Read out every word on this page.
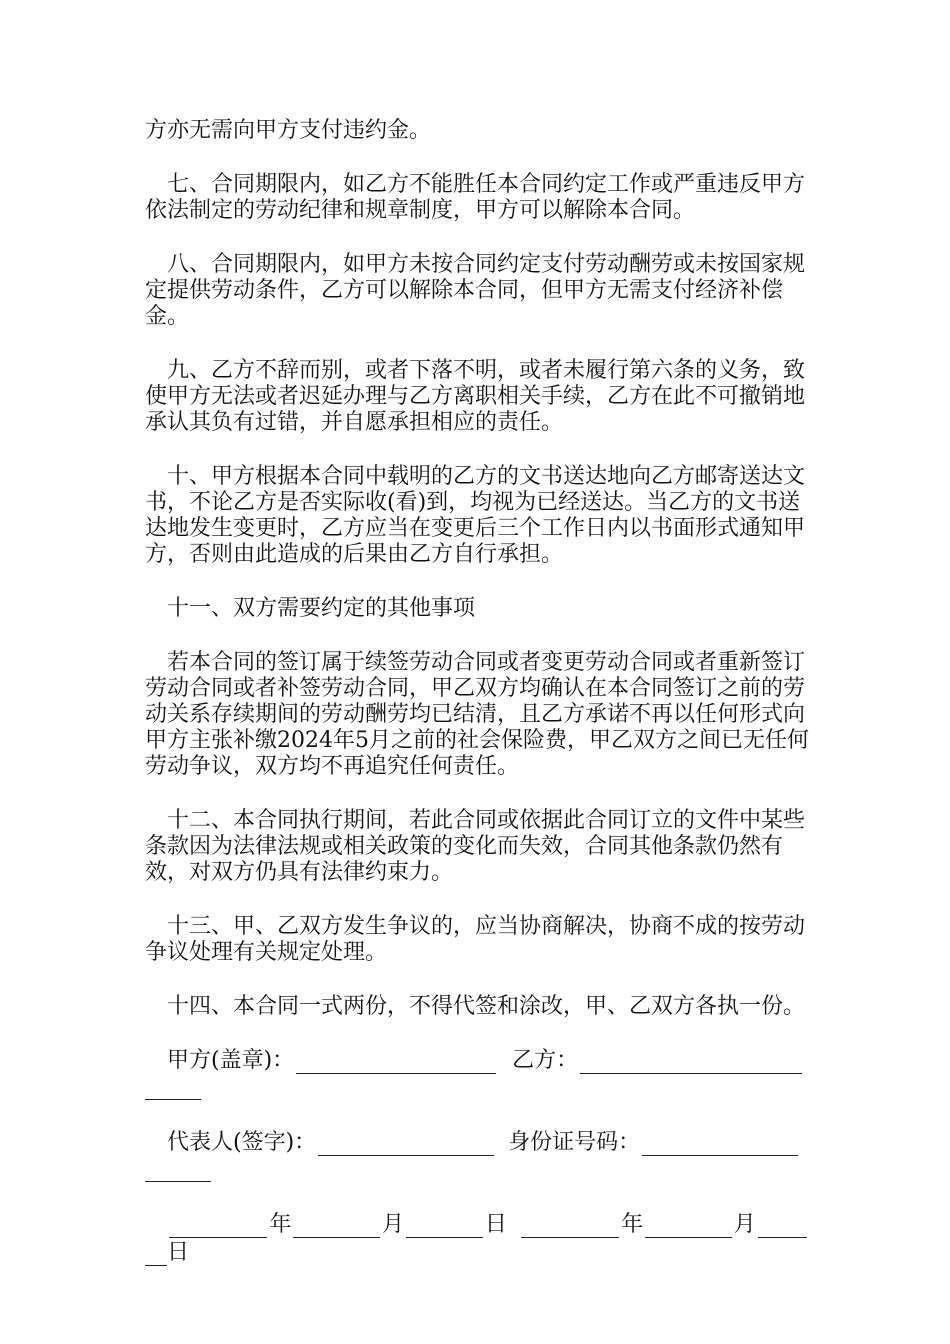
方亦无需向甲方支付违约金。

七、合同期限内，如乙方不能胜任本合同约定工作或严重违反甲方依法制定的劳动纪律和规章制度，甲方可以解除本合同。

八、合同期限内，如甲方未按合同约定支付劳动酬劳或未按国家规定提供劳动条件，乙方可以解除本合同，但甲方无需支付经济补偿金。

九、乙方不辞而别，或者下落不明，或者未履行第六条的义务，致使甲方无法或者迟延办理与乙方离职相关手续，乙方在此不可撤销地承认其负有过错，并自愿承担相应的责任。

十、甲方根据本合同中载明的乙方的文书送达地向乙方邮寄送达文书，不论乙方是否实际收(看)到，均视为已经送达。当乙方的文书送达地发生变更时，乙方应当在变更后三个工作日内以书面形式通知甲方，否则由此造成的后果由乙方自行承担。

十一、双方需要约定的其他事项

若本合同的签订属于续签劳动合同或者变更劳动合同或者重新签订劳动合同或者补签劳动合同，甲乙双方均确认在本合同签订之前的劳动关系存续期间的劳动酬劳均已结清，且乙方承诺不再以任何形式向甲方主张补缴2024年5月之前的社会保险费，甲乙双方之间已无任何劳动争议，双方均不再追究任何责任。

十二、本合同执行期间，若此合同或依据此合同订立的文件中某些条款因为法律法规或相关政策的变化而失效，合同其他条款仍然有效，对双方仍具有法律约束力。

十三、甲、乙双方发生争议的，应当协商解决，协商不成的按劳动争议处理有关规定处理。

十四、本合同一式两份，不得代签和涂改，甲、乙双方各执一份。

甲方(盖章)：	乙方：
代表人(签字)：	身份证号码：
年	月	日	年	月
日
